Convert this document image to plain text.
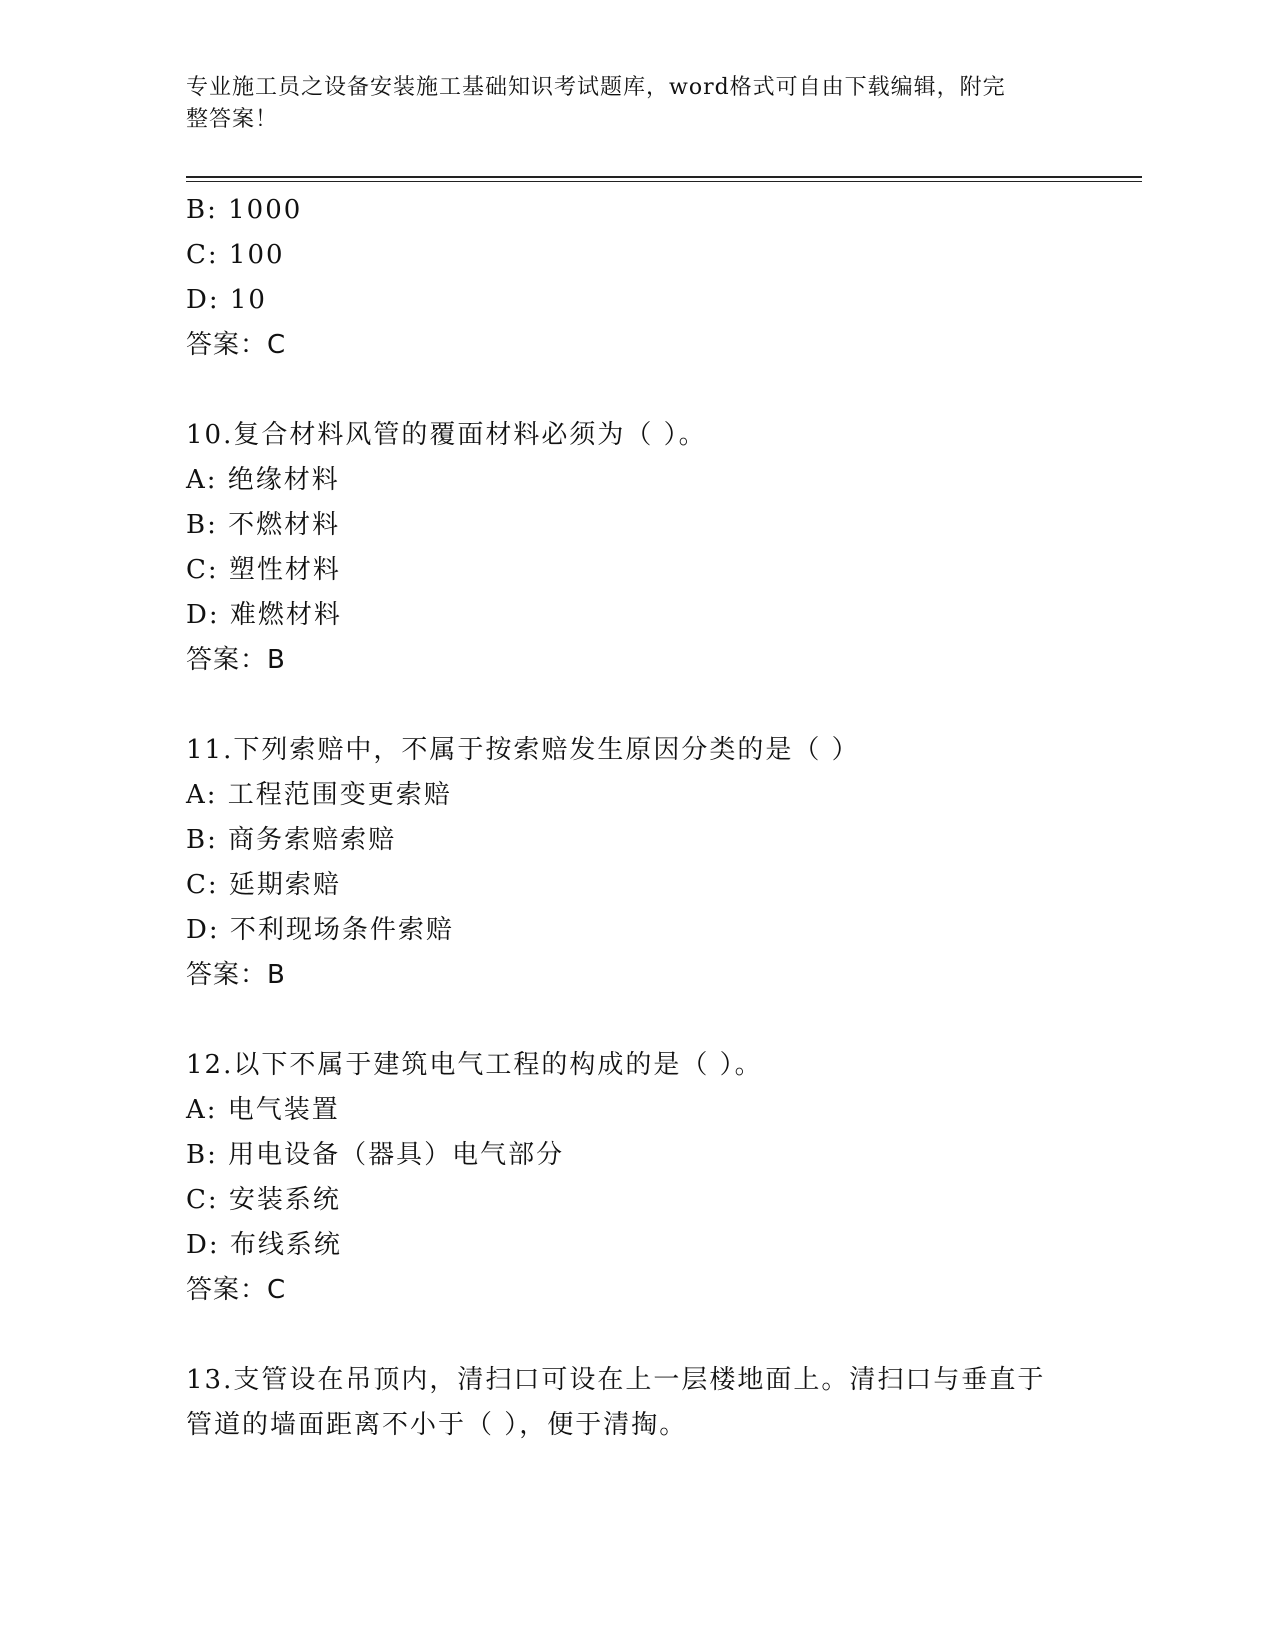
专业施工员之设备安装施工基础知识考试题库，word格式可自由下载编辑，附完
整答案！
B: 1000
C: 100
D: 10
答案：C
10.复合材料风管的覆面材料必须为（ ）。
A: 绝缘材料
B: 不燃材料
C: 塑性材料
D: 难燃材料
答案：B
11.下列索赔中，不属于按索赔发生原因分类的是（ ）
A: 工程范围变更索赔
B: 商务索赔索赔
C: 延期索赔
D: 不利现场条件索赔
答案：B
12.以下不属于建筑电气工程的构成的是（ ）。
A: 电气装置
B: 用电设备（器具）电气部分
C: 安装系统
D: 布线系统
答案：C
13.支管设在吊顶内，清扫口可设在上一层楼地面上。清扫口与垂直于
管道的墙面距离不小于（ ），便于清掏。
